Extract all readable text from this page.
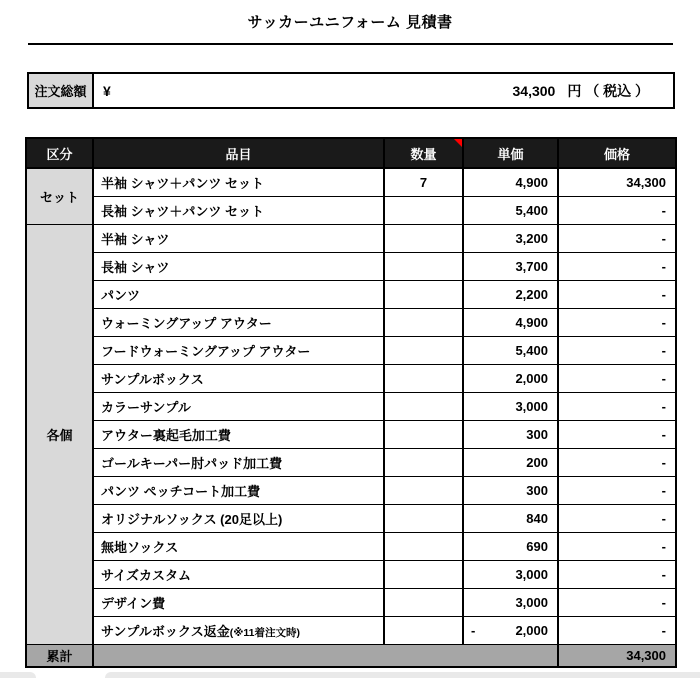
サッカーユニフォーム 見積書
注文総額	¥	34,300 円 （ 税込 ）
区分	品目	数量	単価	価格
セット	半袖 シャツ＋パンツ セット	7	4,900	34,300
	長袖 シャツ＋パンツ セット		5,400	-
各個	半袖 シャツ		3,200	-
	長袖 シャツ		3,700	-
	パンツ		2,200	-
	ウォーミングアップ アウター		4,900	-
	フードウォーミングアップ アウター		5,400	-
	サンプルボックス		2,000	-
	カラーサンプル		3,000	-
	アウター裏起毛加工費		300	-
	ゴールキーパー肘パッド加工費		200	-
	パンツ ペッチコート加工費		300	-
	オリジナルソックス (20足以上)		840	-
	無地ソックス		690	-
	サイズカスタム		3,000	-
	デザイン費		3,000	-
	サンプルボックス返金(※11着注文時)		- 2,000	-
累計				34,300
